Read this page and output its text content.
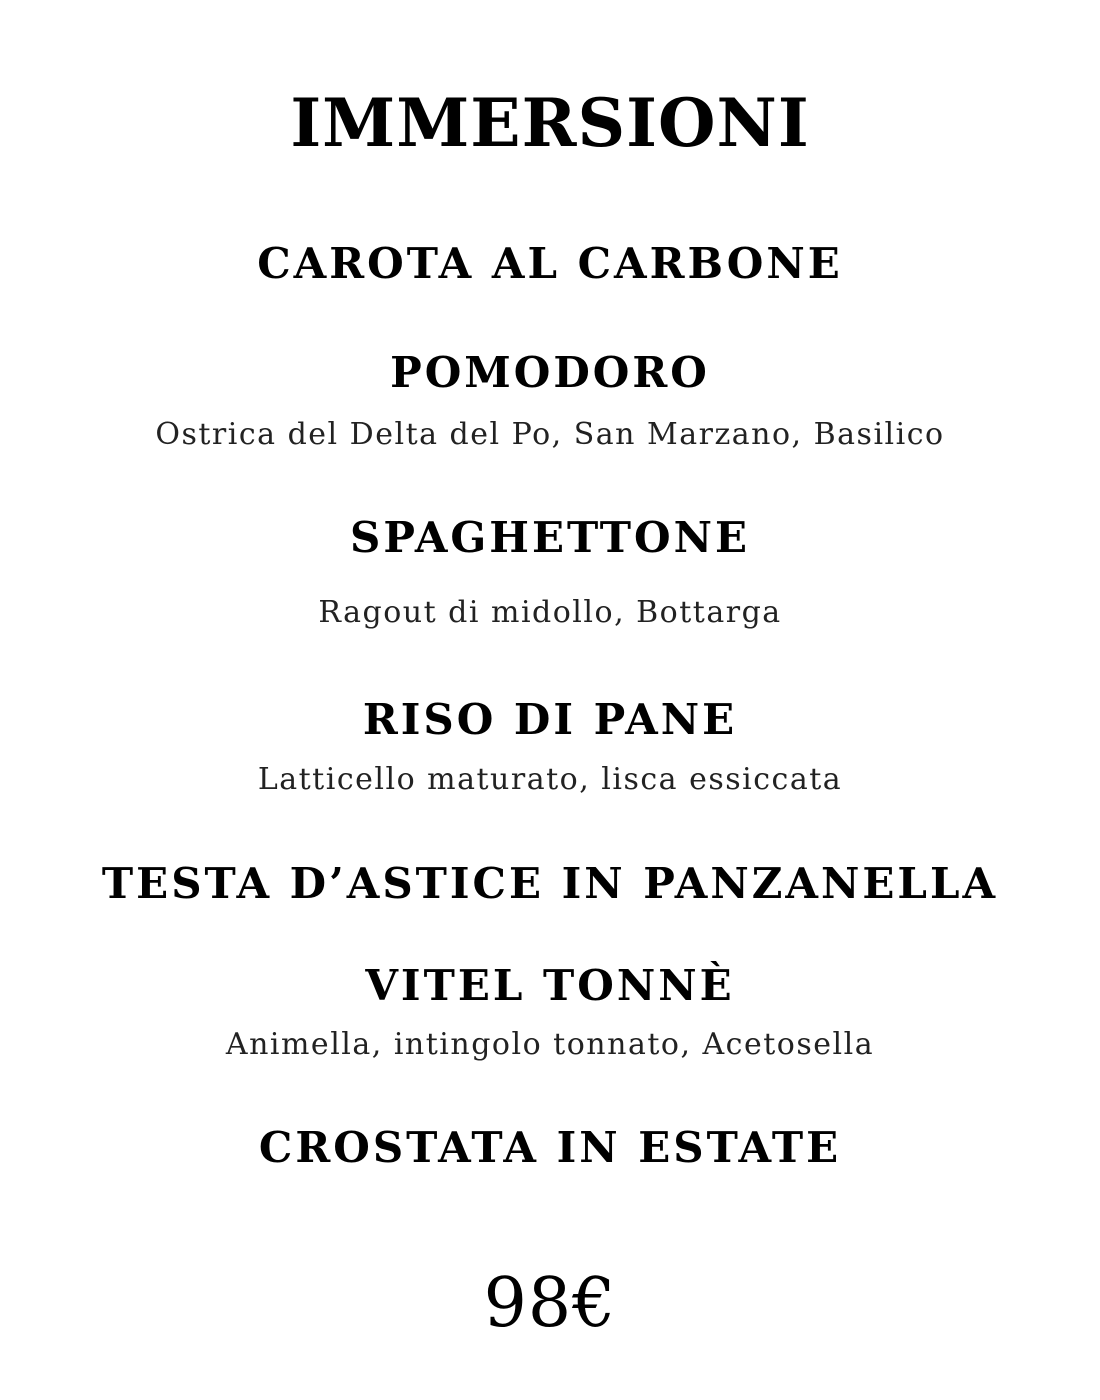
IMMERSIONI
CAROTA AL CARBONE
POMODORO

Ostrica del Delta del Po, San Marzano, Basilico

SPAGHETTONE

Ragout di midollo, Bottarga

RISO DI PANE

Latticello maturato, lisca essiccata

TESTA D’ASTICE IN PANZANELLA
VITEL TONNÈ

Animella, intingolo tonnato, Acetosella

CROSTATA IN ESTATE

98€
